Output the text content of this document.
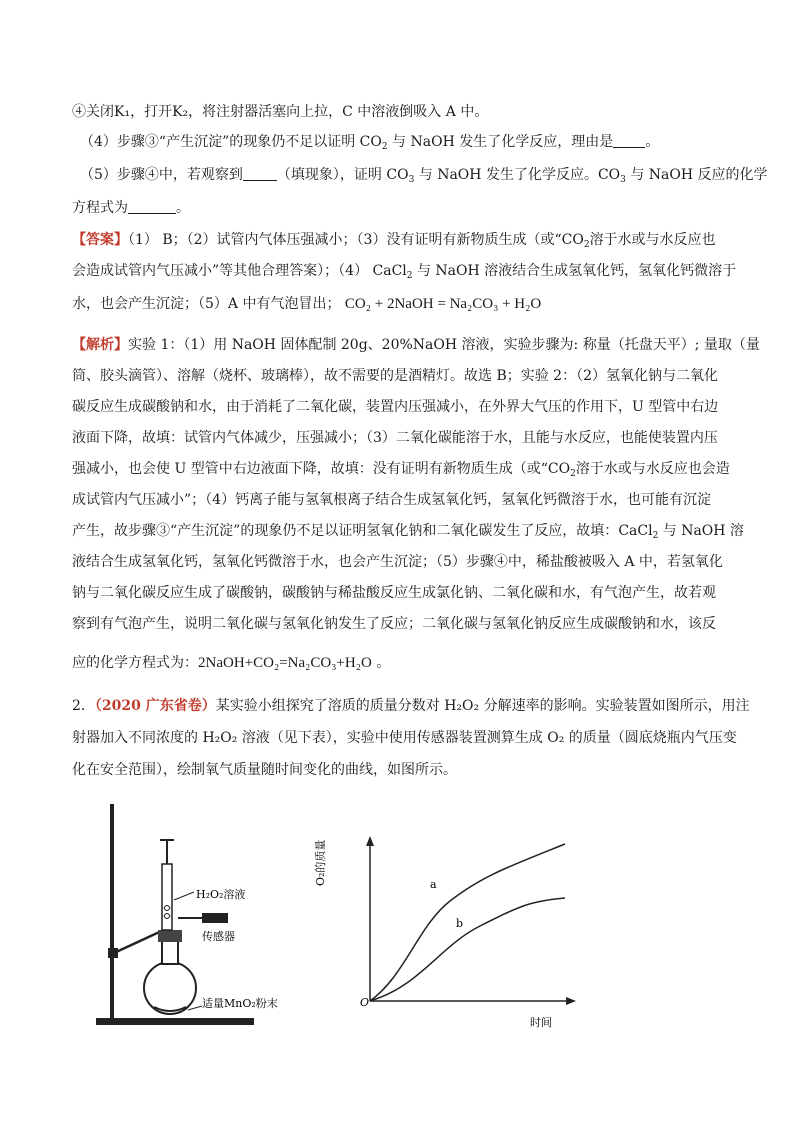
④关闭K₁，打开K₂，将注射器活塞向上拉，C 中溶液倒吸入 A 中。
（4）步骤③“产生沉淀”的现象仍不足以证明 $CO_2$ 与 NaOH 发生了化学反应，理由是 。
（5）步骤④中，若观察到 （填现象），证明 $CO_3$ 与 NaOH 发生了化学反应。$CO_3$ 与 NaOH 反应的化学
方程式为	。
【答案】（1） B；（2）试管内气体压强减小；（3）没有证明有新物质生成（或“$CO_2$溶于水或与水反应也
会造成试管内气压减小”等其他合理答案）；（4） CaCl$_2$ 与 NaOH 溶液结合生成氢氧化钙，氢氧化钙微溶于
水，也会产生沉淀；（5）A 中有气泡冒出； CO₂ + 2NaOH = Na₂CO₃ + H₂O
【解析】实验 1：（1）用 NaOH 固体配制 20g、20%NaOH 溶液，实验步骤为: 称量（托盘天平）; 量取（量
筒、胶头滴管）、溶解（烧杯、玻璃棒），故不需要的是酒精灯。故选 B；实验 2：（2）氢氧化钠与二氧化
碳反应生成碳酸钠和水，由于消耗了二氧化碳，装置内压强减小，在外界大气压的作用下，U 型管中右边
液面下降，故填：试管内气体减少，压强减小；（3）二氧化碳能溶于水，且能与水反应，也能使装置内压
强减小，也会使 U 型管中右边液面下降，故填：没有证明有新物质生成（或“$CO_2$溶于水或与水反应也会造
成试管内气压减小”；（4）钙离子能与氢氧根离子结合生成氢氧化钙，氢氧化钙微溶于水，也可能有沉淀
产生，故步骤③“产生沉淀”的现象仍不足以证明氢氧化钠和二氧化碳发生了反应，故填：CaCl$_2$ 与 NaOH 溶
液结合生成氢氧化钙，氢氧化钙微溶于水，也会产生沉淀；（5）步骤④中，稀盐酸被吸入 A 中，若氢氧化
钠与二氧化碳反应生成了碳酸钠，碳酸钠与稀盐酸反应生成氯化钠、二氧化碳和水，有气泡产生，故若观
察到有气泡产生，说明二氧化碳与氢氧化钠发生了反应；二氧化碳与氢氧化钠反应生成碳酸钠和水，该反
应的化学方程式为：2NaOH+CO₂=Na₂CO₃+H₂O 。
2．（2020 广东省卷）某实验小组探究了溶质的质量分数对 H₂O₂ 分解速率的影响。实验装置如图所示，用注
射器加入不同浓度的 H₂O₂ 溶液（见下表），实验中使用传感器装置测算生成 O₂ 的质量（圆底烧瓶内气压变
化在安全范围），绘制氧气质量随时间变化的曲线，如图所示。
H₂O₂溶液
传感器
适量MnO₂粉末
O₂的质量
时间
O
a
b
